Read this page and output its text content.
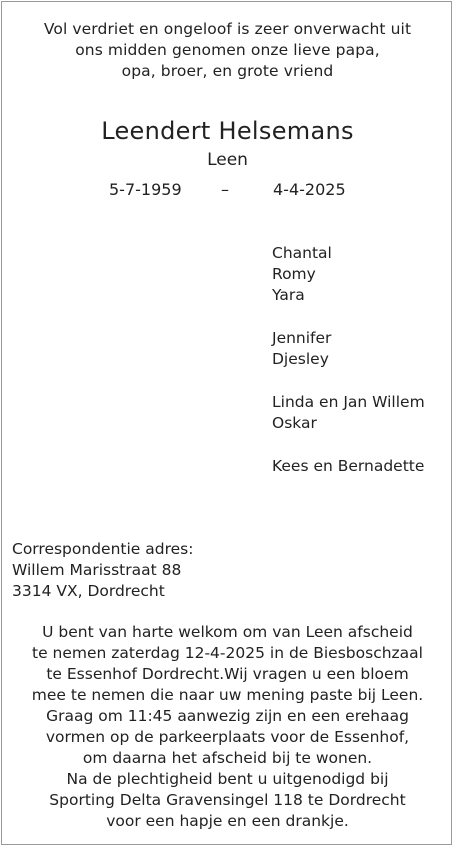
Vol verdriet en ongeloof is zeer onverwacht uit
ons midden genomen onze lieve papa,
opa, broer, en grote vriend
Leendert Helsemans
Leen
5-7-1959 –	4-4-2025
Chantal
Romy
Yara
Jennifer
Djesley
Linda en Jan Willem
Oskar
Kees en Bernadette
Correspondentie adres:
Willem Marisstraat 88
3314 VX, Dordrecht
U bent van harte welkom om van Leen afscheid
te nemen zaterdag 12-4-2025 in de Biesboschzaal
te Essenhof Dordrecht.Wij vragen u een bloem
mee te nemen die naar uw mening paste bij Leen.
Graag om 11:45 aanwezig zijn en een erehaag
vormen op de parkeerplaats voor de Essenhof,
om daarna het afscheid bij te wonen.
Na de plechtigheid bent u uitgenodigd bij
Sporting Delta Gravensingel 118 te Dordrecht
voor een hapje en een drankje.
